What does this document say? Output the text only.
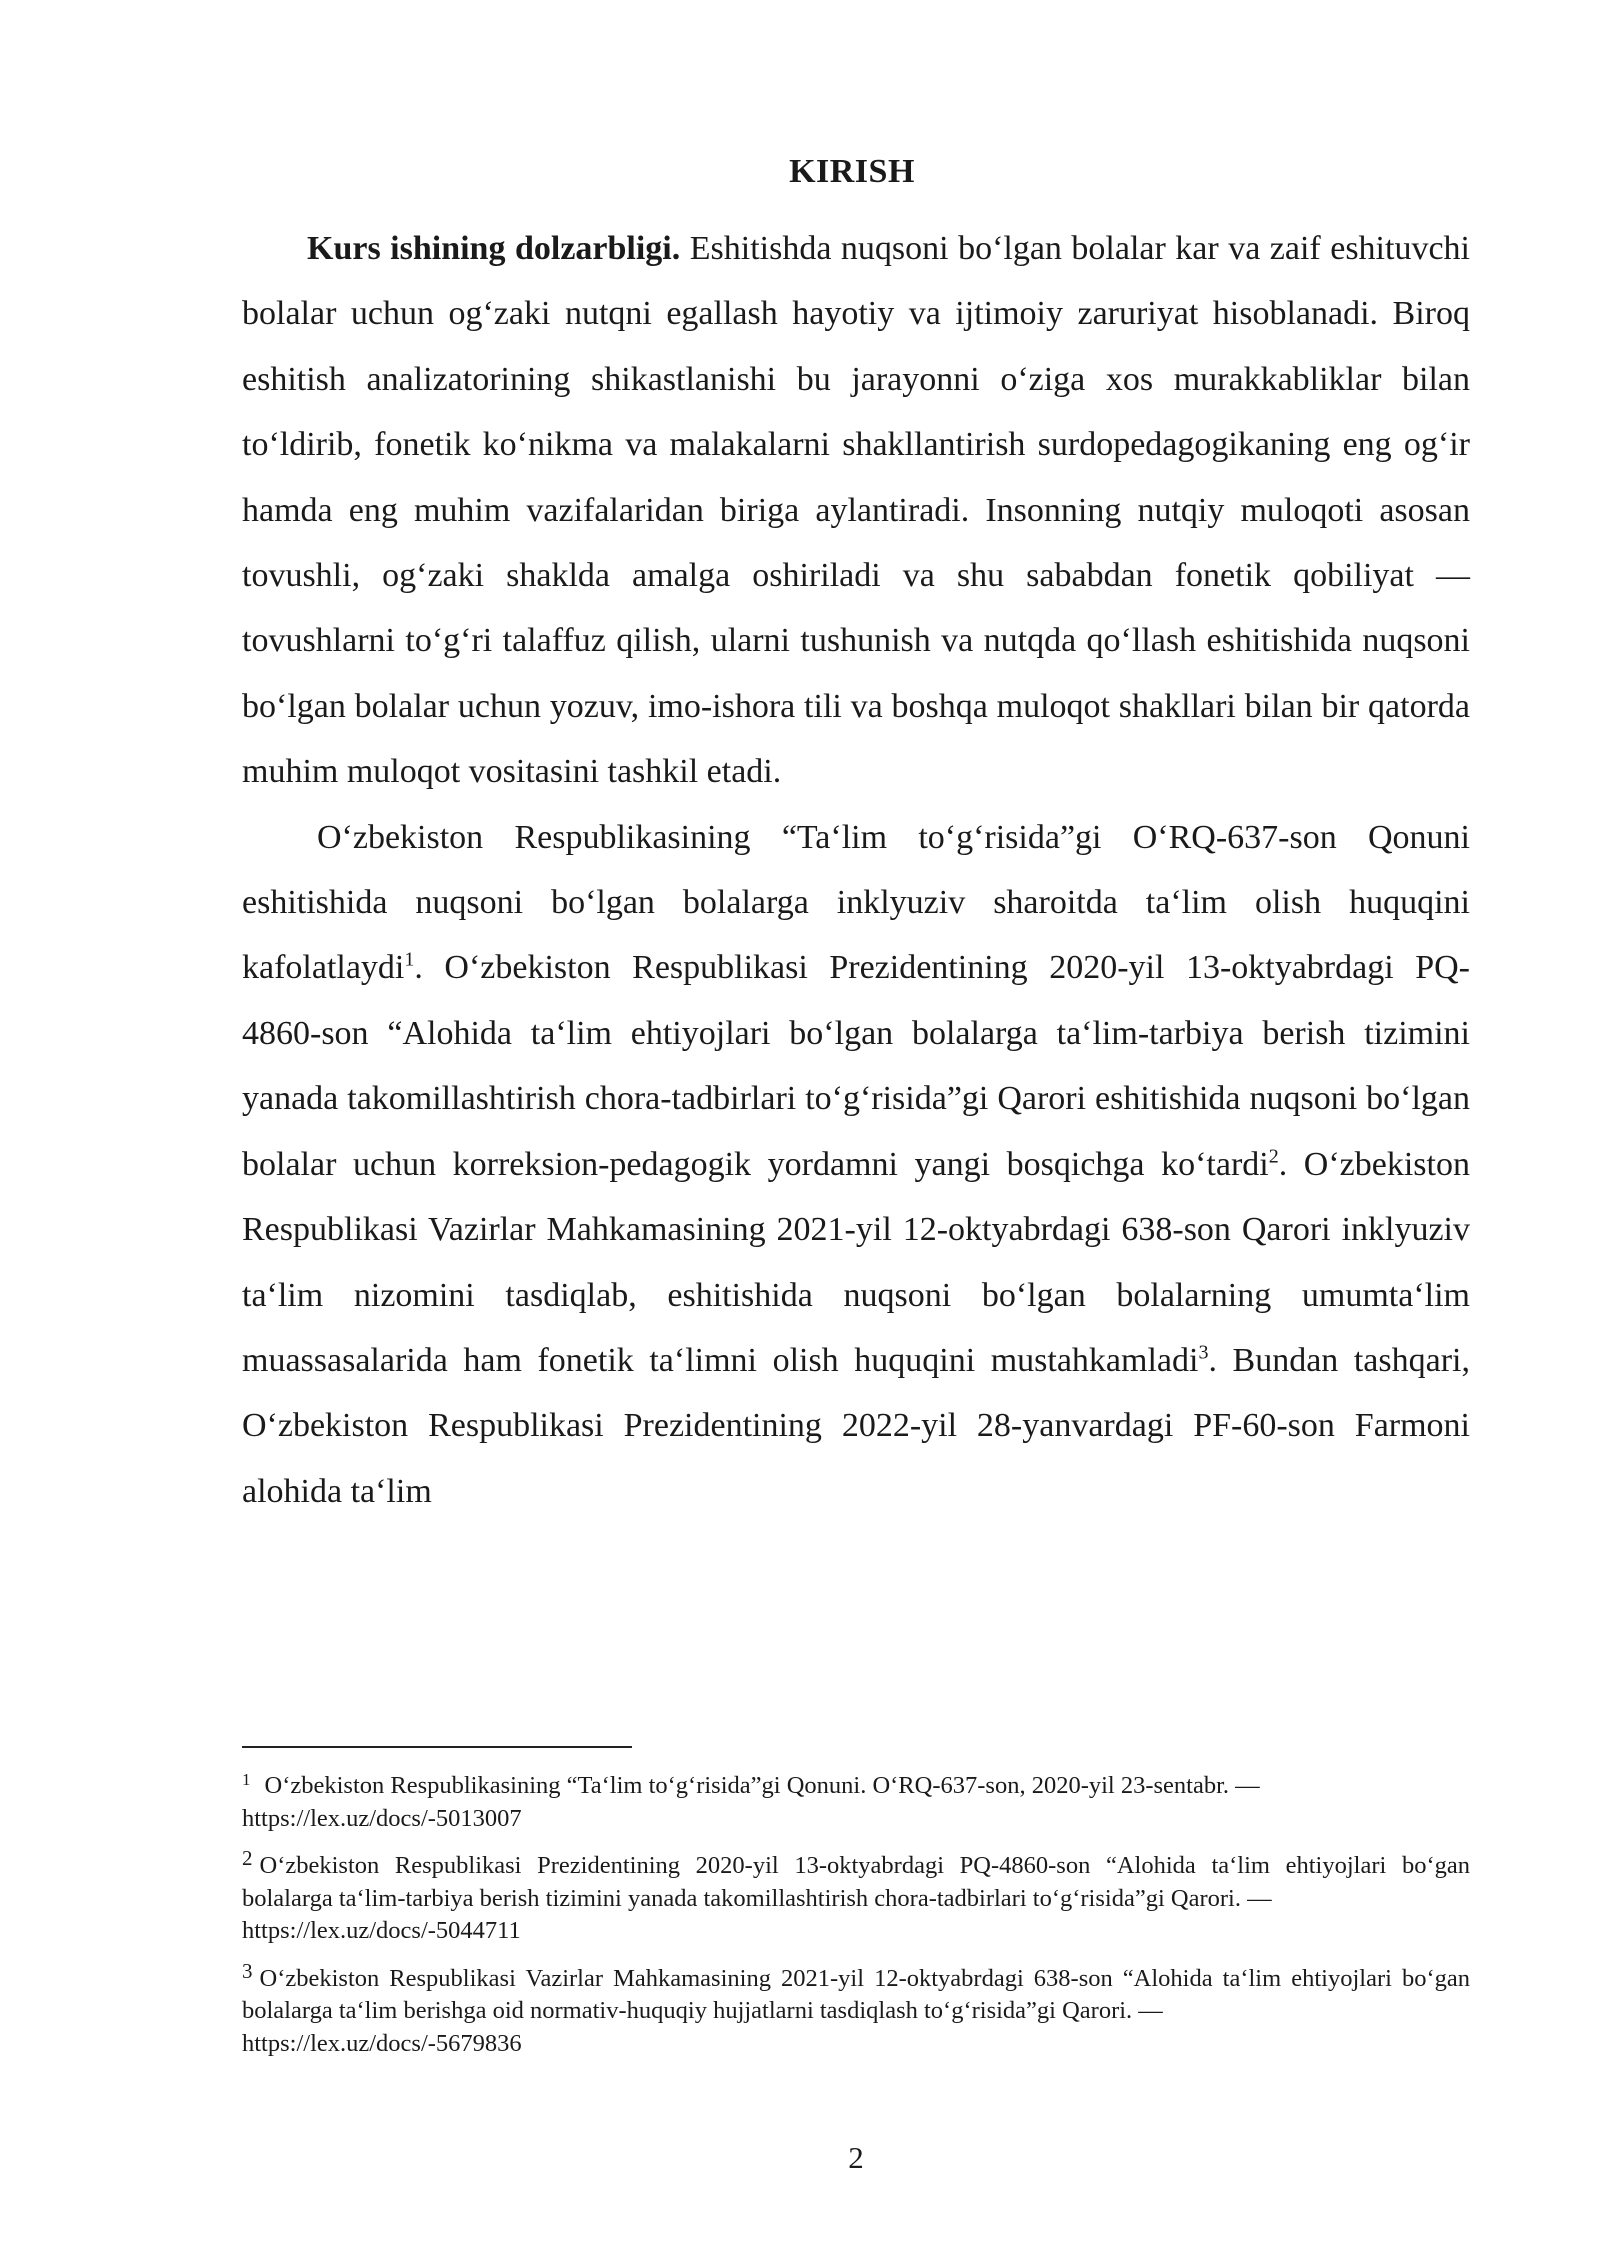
KIRISH

Kurs ishining dolzarbligi. Eshitishda nuqsoni bo‘lgan bolalar kar va zaif eshituvchi bolalar uchun og‘zaki nutqni egallash hayotiy va ijtimoiy zaruriyat hisoblanadi. Biroq eshitish analizatorining shikastlanishi bu jarayonni o‘ziga xos murakkabliklar bilan to‘ldirib, fonetik ko‘nikma va malakalarni shakllantirish surdopedagogikaning eng og‘ir hamda eng muhim vazifalaridan biriga aylantiradi. Insonning nutqiy muloqoti asosan tovushli, og‘zaki shaklda amalga oshiriladi va shu sababdan fonetik qobiliyat — tovushlarni to‘g‘ri talaffuz qilish, ularni tushunish va nutqda qo‘llash eshitishida nuqsoni bo‘lgan bolalar uchun yozuv, imo-ishora tili va boshqa muloqot shakllari bilan bir qatorda muhim muloqot vositasini tashkil etadi.

O‘zbekiston Respublikasining “Ta‘lim to‘g‘risida”gi O‘RQ-637-son Qonuni eshitishida nuqsoni bo‘lgan bolalarga inklyuziv sharoitda ta‘lim olish huquqini kafolatlaydi$^1$. O‘zbekiston Respublikasi Prezidentining 2020-yil 13-oktyabrdagi PQ-4860-son “Alohida ta‘lim ehtiyojlari bo‘lgan bolalarga ta‘lim-tarbiya berish tizimini yanada takomillashtirish chora-tadbirlari to‘g‘risida”gi Qarori eshitishida nuqsoni bo‘lgan bolalar uchun korreksion-pedagogik yordamni yangi bosqichga ko‘tardi$^2$. O‘zbekiston Respublikasi Vazirlar Mahkamasining 2021-yil 12-oktyabrdagi 638-son Qarori inklyuziv ta‘lim nizomini tasdiqlab, eshitishida nuqsoni bo‘lgan bolalarning umumta‘lim muassasalarida ham fonetik ta‘limni olish huquqini mustahkamladi$^3$. Bundan tashqari, O‘zbekiston Respublikasi Prezidentining 2022-yil 28-yanvardagi PF-60-son Farmoni alohida ta‘lim

$^1$ O‘zbekiston Respublikasining “Ta‘lim to‘g‘risida”gi Qonuni. O‘RQ-637-son, 2020-yil 23-sentabr. —
https://lex.uz/docs/-5013007
2 O‘zbekiston Respublikasi Prezidentining 2020-yil 13-oktyabrdagi PQ-4860-son “Alohida ta‘lim ehtiyojlari bo‘gan bolalarga ta‘lim-tarbiya berish tizimini yanada takomillashtirish chora-tadbirlari to‘g‘risida”gi Qarori. —
https://lex.uz/docs/-5044711
3 O‘zbekiston Respublikasi Vazirlar Mahkamasining 2021-yil 12-oktyabrdagi 638-son “Alohida ta‘lim ehtiyojlari bo‘gan bolalarga ta‘lim berishga oid normativ-huquqiy hujjatlarni tasdiqlash to‘g‘risida”gi Qarori. —
https://lex.uz/docs/-5679836
2
